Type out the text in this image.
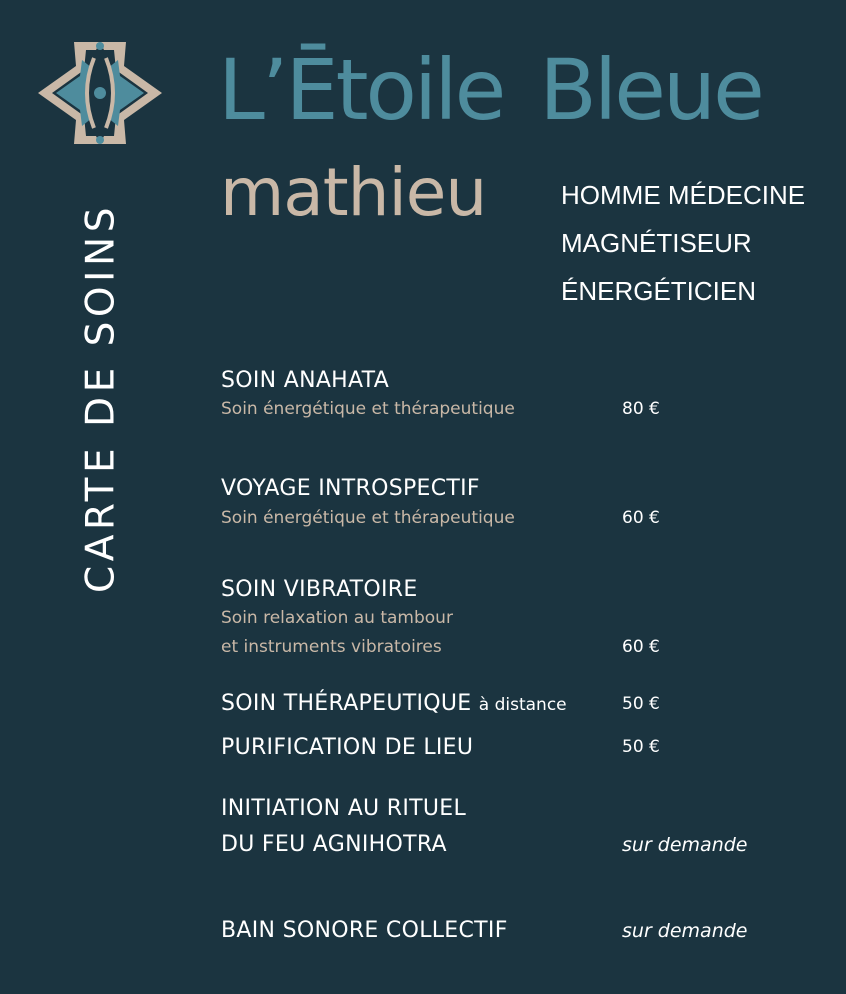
CARTE DE SOINS
L’Ētoile Bleue
mathieu	HOMME MÉDECINE
MAGNÉTISEUR
ÉNERGÉTICIEN
SOIN ANAHATA
Soin énergétique et thérapeutique	80 €
VOYAGE INTROSPECTIF
Soin énergétique et thérapeutique	60 €
SOIN VIBRATOIRE
Soin relaxation au tambour
et instruments vibratoires	60 €
SOIN THÉRAPEUTIQUE à distance	50 €
PURIFICATION DE LIEU	50 €
INITIATION AU RITUEL
DU FEU AGNIHOTRA	sur demande
BAIN SONORE COLLECTIF	sur demande
